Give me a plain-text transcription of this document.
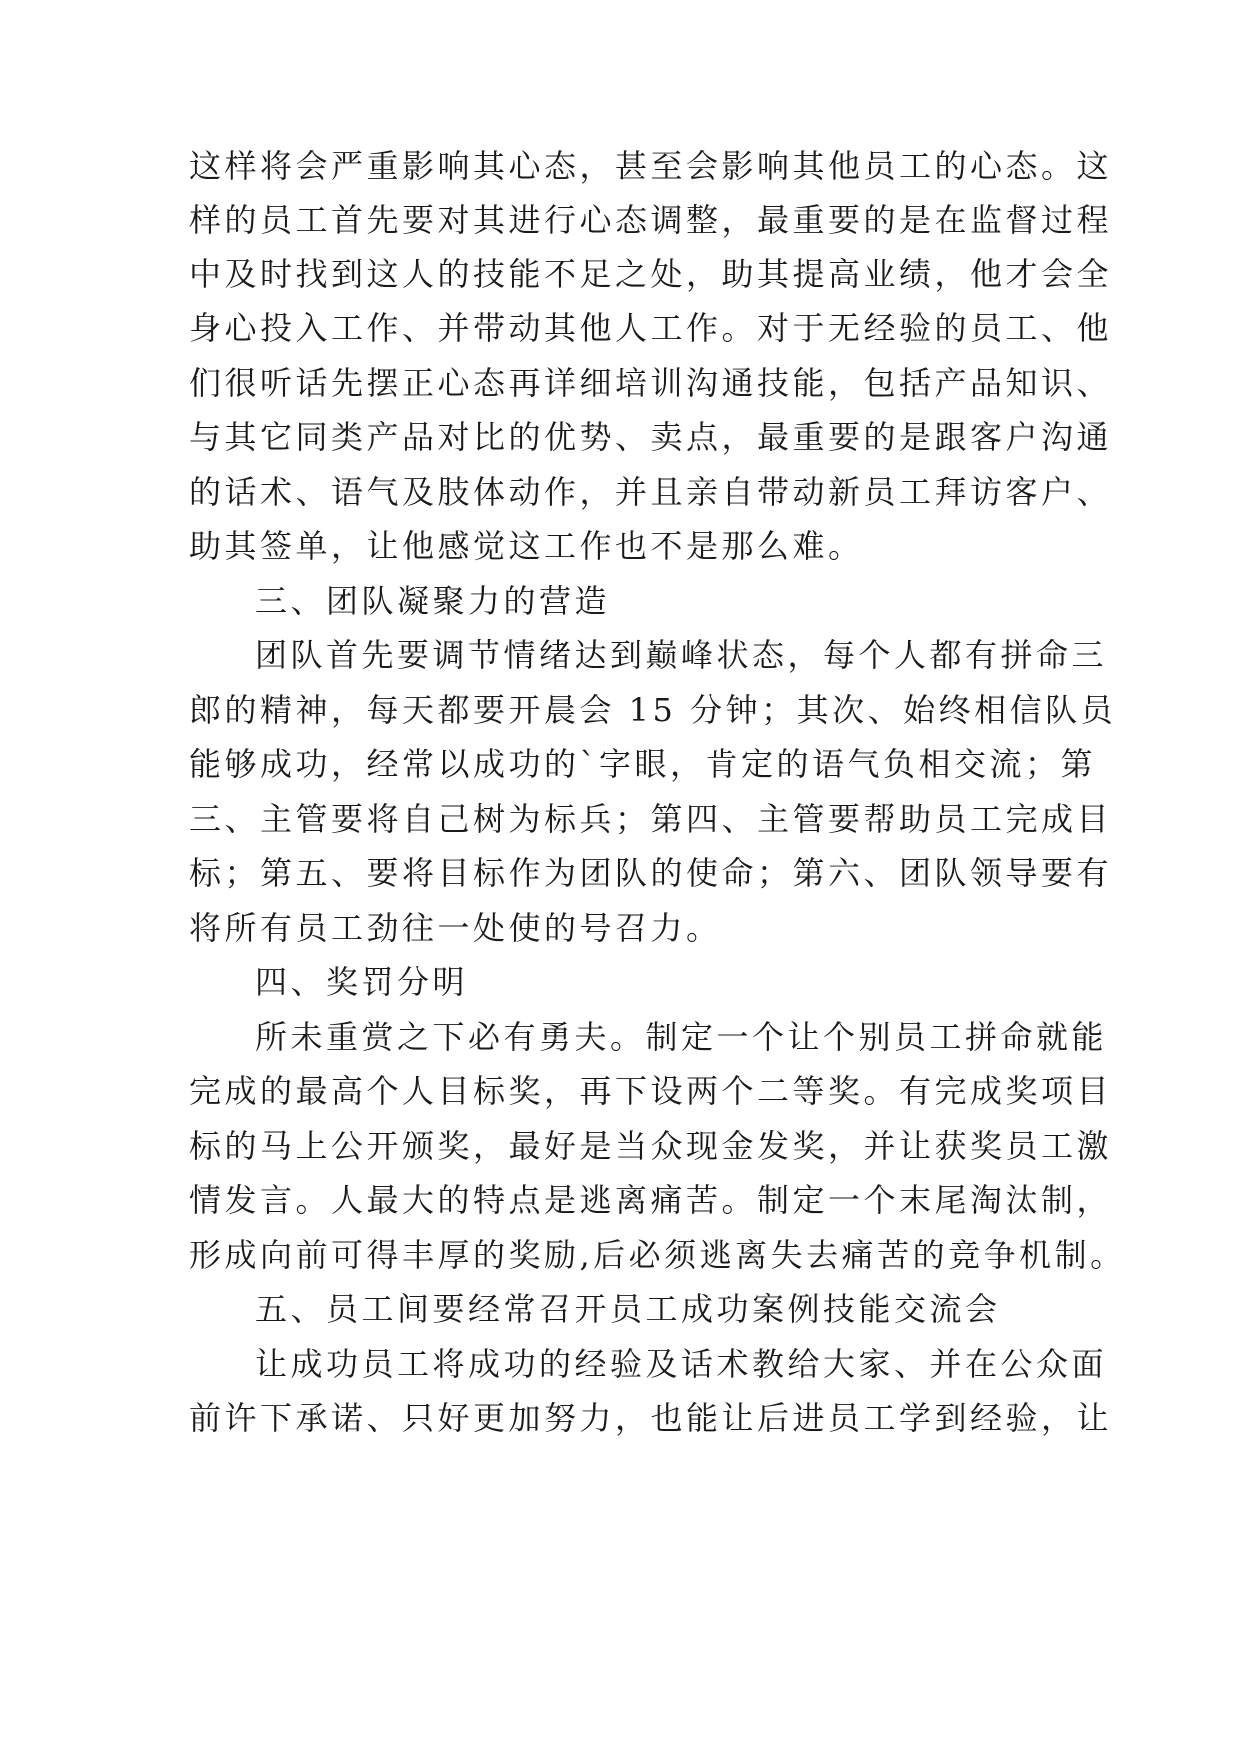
这样将会严重影响其心态，甚至会影响其他员工的心态。这
样的员工首先要对其进行心态调整，最重要的是在监督过程
中及时找到这人的技能不足之处，助其提高业绩，他才会全
身心投入工作、并带动其他人工作。对于无经验的员工、他
们很听话先摆正心态再详细培训沟通技能，包括产品知识、
与其它同类产品对比的优势、卖点，最重要的是跟客户沟通
的话术、语气及肢体动作，并且亲自带动新员工拜访客户、
助其签单，让他感觉这工作也不是那么难。
三、团队凝聚力的营造
团队首先要调节情绪达到巅峰状态，每个人都有拼命三
郎的精神，每天都要开晨会 15 分钟；其次、始终相信队员
能够成功，经常以成功的`字眼，肯定的语气负相交流；第
三、主管要将自己树为标兵；第四、主管要帮助员工完成目
标；第五、要将目标作为团队的使命；第六、团队领导要有
将所有员工劲往一处使的号召力。
四、奖罚分明
所未重赏之下必有勇夫。制定一个让个别员工拼命就能
完成的最高个人目标奖，再下设两个二等奖。有完成奖项目
标的马上公开颁奖，最好是当众现金发奖，并让获奖员工激
情发言。人最大的特点是逃离痛苦。制定一个末尾淘汰制，
形成向前可得丰厚的奖励,后必须逃离失去痛苦的竞争机制。
五、员工间要经常召开员工成功案例技能交流会
让成功员工将成功的经验及话术教给大家、并在公众面
前许下承诺、只好更加努力，也能让后进员工学到经验，让
